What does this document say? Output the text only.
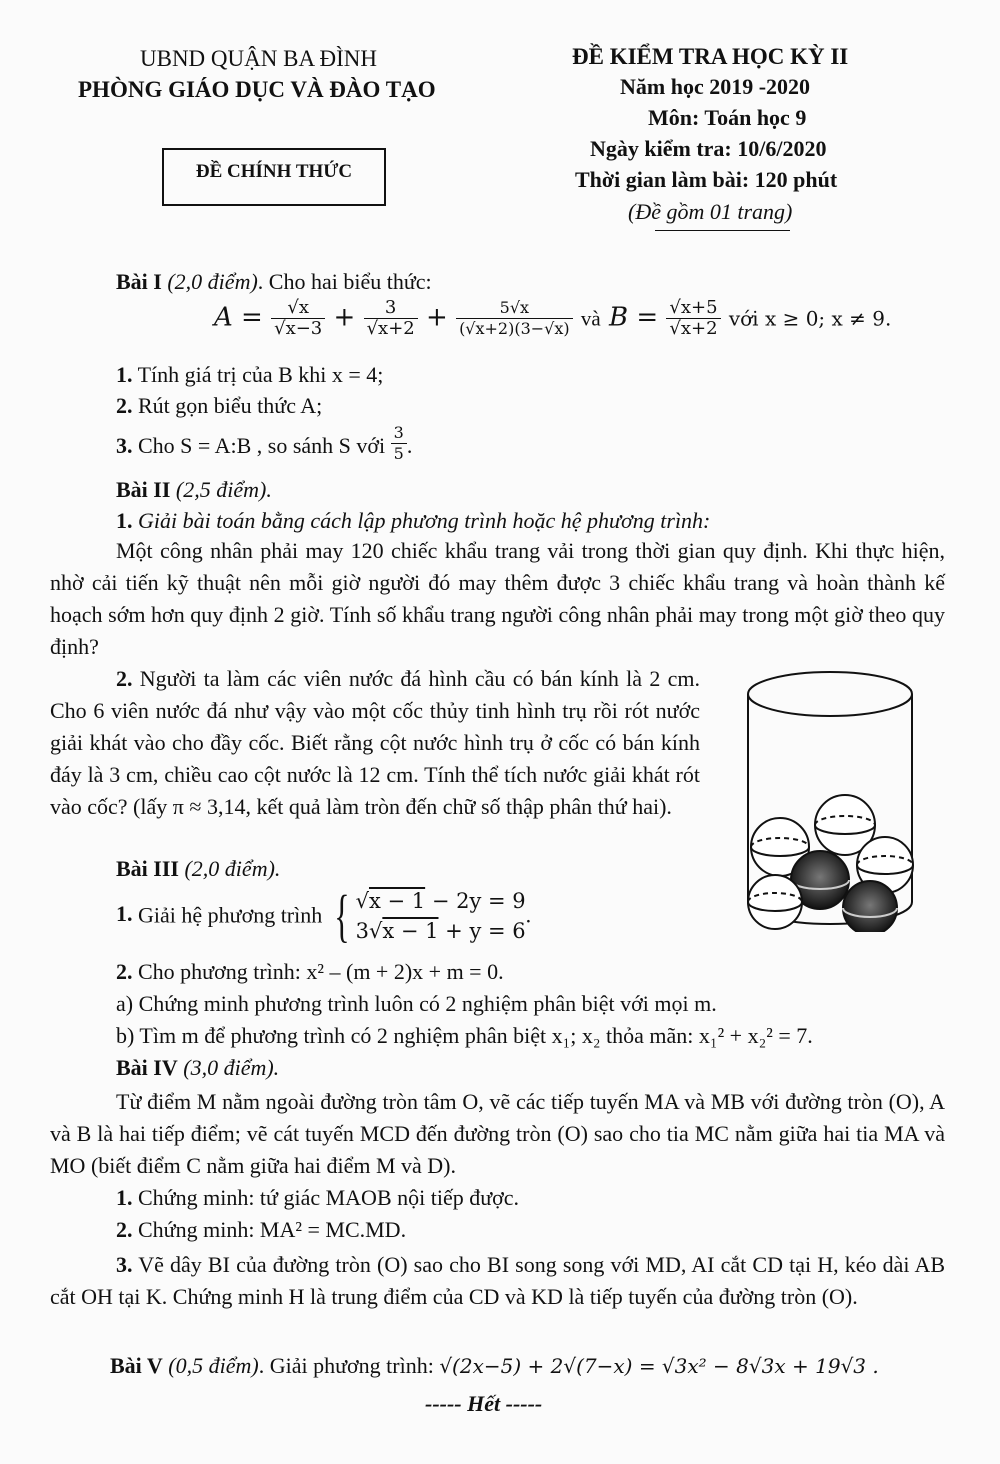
UBND QUẬN BA ĐÌNH
PHÒNG GIÁO DỤC VÀ ĐÀO TẠO
ĐỀ CHÍNH THỨC
ĐỀ KIỂM TRA HỌC KỲ II
Năm học 2019 -2020
Môn: Toán học 9
Ngày kiểm tra: 10/6/2020
Thời gian làm bài: 120 phút
(Đề gồm 01 trang)
Bài I (2,0 điểm). Cho hai biểu thức:
$A = \frac{√x}{√x-3} + \frac{3}{√x+2} + \frac{5√x}{(√x+2)(3-√x)}$ và $B = \frac{√x+5}{√x+2}$ với x ≥ 0; x ≠ 9.
1. Tính giá trị của B khi x = 4;
2. Rút gọn biểu thức A;
3. Cho S = A:B , so sánh S với $\frac{3}{5}$ .
Bài II (2,5 điểm).
1. Giải bài toán bằng cách lập phương trình hoặc hệ phương trình:
Một công nhân phải may 120 chiếc khẩu trang vải trong thời gian quy định. Khi thực hiện, nhờ cải tiến kỹ thuật nên mỗi giờ người đó may thêm được 3 chiếc khẩu trang và hoàn thành kế hoạch sớm hơn quy định 2 giờ. Tính số khẩu trang người công nhân phải may trong một giờ theo quy định?
2. Người ta làm các viên nước đá hình cầu có bán kính là 2 cm. Cho 6 viên nước đá như vậy vào một cốc thủy tinh hình trụ rồi rót nước giải khát vào cho đầy cốc. Biết rằng cột nước hình trụ ở cốc có bán kính đáy là 3 cm, chiều cao cột nước là 12 cm. Tính thể tích nước giải khát rót vào cốc? (lấy π ≈ 3,14, kết quả làm tròn đến chữ số thập phân thứ hai).
Bài III (2,0 điểm).
1. Giải hệ phương trình { √x − 1 − 2y = 9
3√x − 1 + y = 6
.
2. Cho phương trình: x² – (m + 2)x + m = 0.
a) Chứng minh phương trình luôn có 2 nghiệm phân biệt với mọi m.
b) Tìm m để phương trình có 2 nghiệm phân biệt x₁; x₂ thỏa mãn: x₁² + x₂² = 7.
Bài IV (3,0 điểm).
Từ điểm M nằm ngoài đường tròn tâm O, vẽ các tiếp tuyến MA và MB với đường tròn (O), A và B là hai tiếp điểm; vẽ cát tuyến MCD đến đường tròn (O) sao cho tia MC nằm giữa hai tia MA và MO (biết điểm C nằm giữa hai điểm M và D).
1. Chứng minh: tứ giác MAOB nội tiếp được.
2. Chứng minh: MA² = MC.MD.
3. Vẽ dây BI của đường tròn (O) sao cho BI song song với MD, AI cắt CD tại H, kéo dài AB cắt OH tại K. Chứng minh H là trung điểm của CD và KD là tiếp tuyến của đường tròn (O).
Bài V (0,5 điểm). Giải phương trình: √(2x−5) + 2√(7−x) = √3x² − 8√3x + 19√3 .
----- Hết -----
